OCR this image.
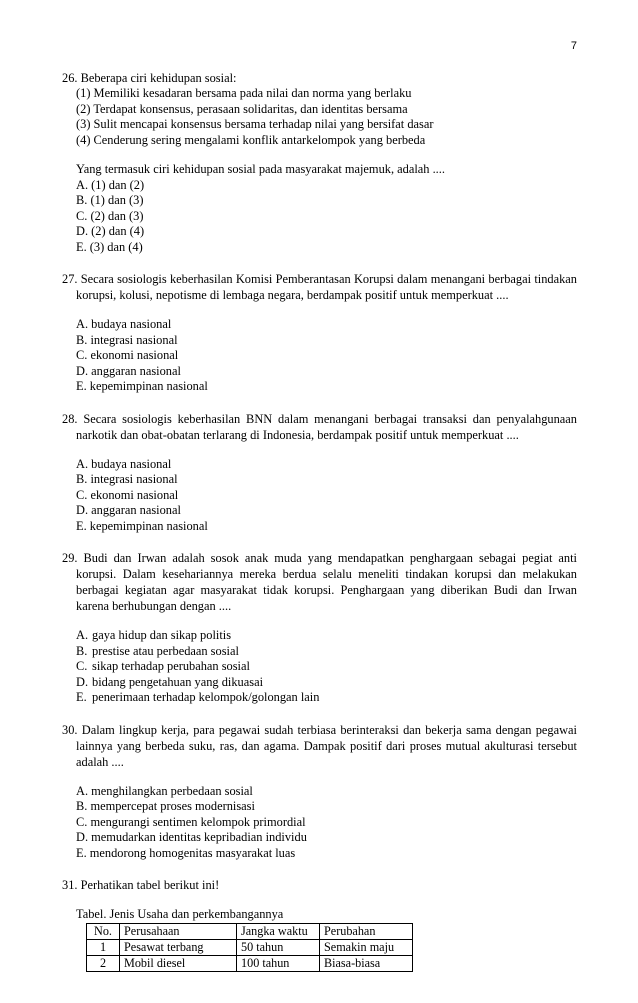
7
26. Beberapa ciri kehidupan sosial:
(1) Memiliki kesadaran bersama pada nilai dan norma yang berlaku
(2) Terdapat konsensus, perasaan solidaritas, dan identitas bersama
(3) Sulit mencapai konsensus bersama terhadap nilai yang bersifat dasar
(4) Cenderung sering mengalami konflik antarkelompok yang berbeda
Yang termasuk ciri kehidupan sosial pada masyarakat majemuk, adalah ....
A. (1) dan (2)
B. (1) dan (3)
C. (2) dan (3)
D. (2) dan (4)
E. (3) dan (4)
27. Secara sosiologis keberhasilan Komisi Pemberantasan Korupsi dalam menangani berbagai tindakan korupsi, kolusi, nepotisme di lembaga negara, berdampak positif untuk memperkuat ....
A. budaya nasional
B. integrasi nasional
C. ekonomi nasional
D. anggaran nasional
E. kepemimpinan nasional
28. Secara sosiologis keberhasilan BNN dalam menangani berbagai transaksi dan penyalahgunaan narkotik dan obat-obatan terlarang di Indonesia, berdampak positif untuk memperkuat ....
A. budaya nasional
B. integrasi nasional
C. ekonomi nasional
D. anggaran nasional
E. kepemimpinan nasional
29. Budi dan Irwan adalah sosok anak muda yang mendapatkan penghargaan sebagai pegiat anti korupsi. Dalam kesehariannya mereka berdua selalu meneliti tindakan korupsi dan melakukan berbagai kegiatan agar masyarakat tidak korupsi. Penghargaan yang diberikan Budi dan Irwan karena berhubungan dengan ....
A. gaya hidup dan sikap politis
B. prestise atau perbedaan sosial
C. sikap terhadap perubahan sosial
D. bidang pengetahuan yang dikuasai
E. penerimaan terhadap kelompok/golongan lain
30. Dalam lingkup kerja, para pegawai sudah terbiasa berinteraksi dan bekerja sama dengan pegawai lainnya yang berbeda suku, ras, dan agama. Dampak positif dari proses mutual akulturasi tersebut adalah ....
A. menghilangkan perbedaan sosial
B. mempercepat proses modernisasi
C. mengurangi sentimen kelompok primordial
D. memudarkan identitas kepribadian individu
E. mendorong homogenitas masyarakat luas
31. Perhatikan tabel berikut ini!
Tabel. Jenis Usaha dan perkembangannya
No.	Perusahaan	Jangka waktu	Perubahan
1	Pesawat terbang	50 tahun	Semakin maju
2	Mobil diesel	100 tahun	Biasa-biasa
